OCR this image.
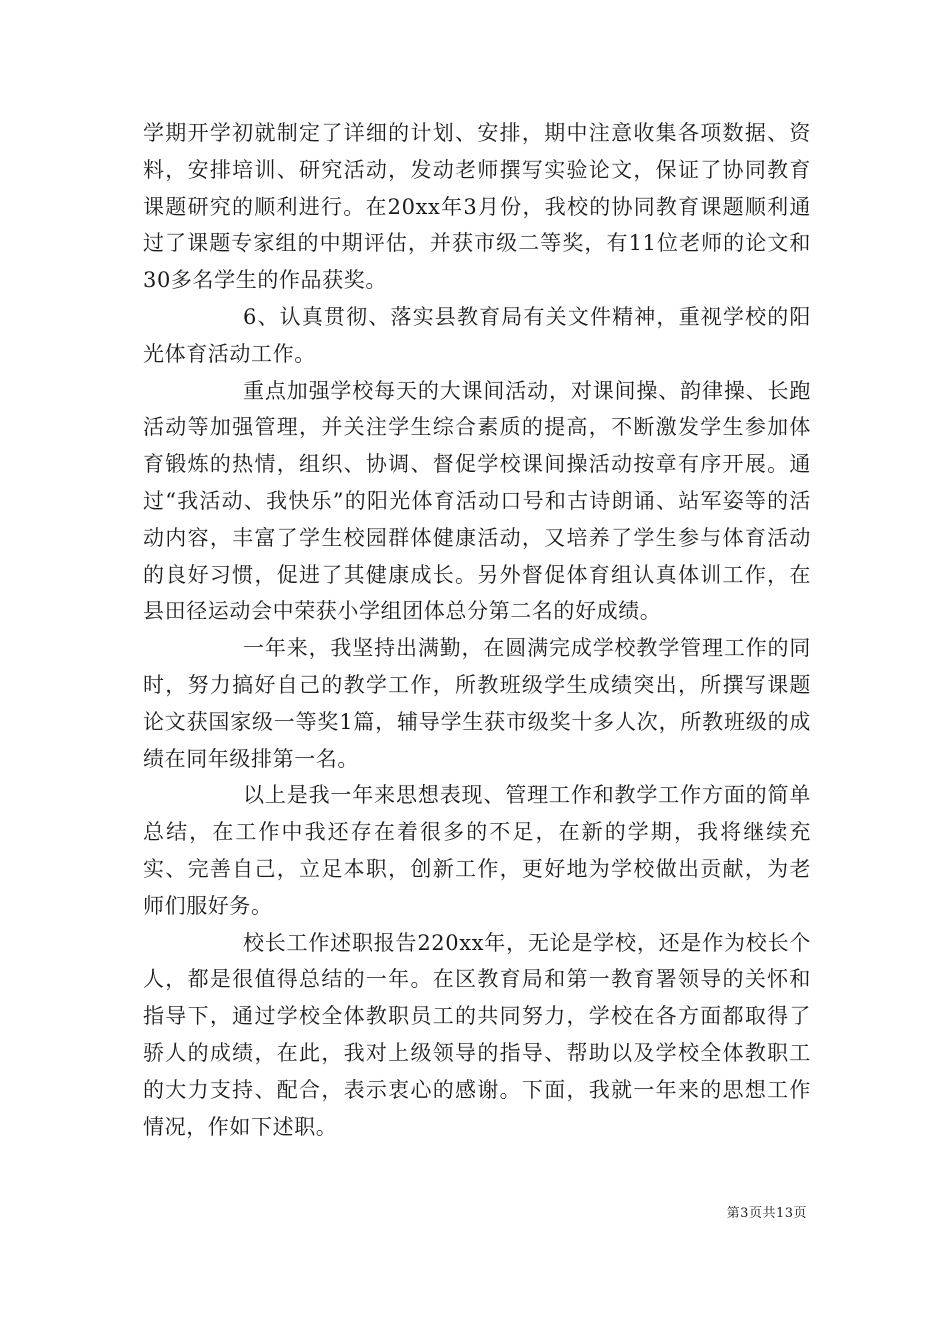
学期开学初就制定了详细的计划、安排，期中注意收集各项数据、资料，安排培训、研究活动，发动老师撰写实验论文，保证了协同教育课题研究的顺利进行。在20xx年3月份，我校的协同教育课题顺利通过了课题专家组的中期评估，并获市级二等奖，有11位老师的论文和30多名学生的作品获奖。

6、认真贯彻、落实县教育局有关文件精神，重视学校的阳光体育活动工作。

重点加强学校每天的大课间活动，对课间操、韵律操、长跑活动等加强管理，并关注学生综合素质的提高，不断激发学生参加体育锻炼的热情，组织、协调、督促学校课间操活动按章有序开展。通过“我活动、我快乐”的阳光体育活动口号和古诗朗诵、站军姿等的活动内容，丰富了学生校园群体健康活动，又培养了学生参与体育活动的良好习惯，促进了其健康成长。另外督促体育组认真体训工作，在县田径运动会中荣获小学组团体总分第二名的好成绩。

一年来，我坚持出满勤，在圆满完成学校教学管理工作的同时，努力搞好自己的教学工作，所教班级学生成绩突出，所撰写课题论文获国家级一等奖1篇，辅导学生获市级奖十多人次，所教班级的成绩在同年级排第一名。

以上是我一年来思想表现、管理工作和教学工作方面的简单总结，在工作中我还存在着很多的不足，在新的学期，我将继续充实、完善自己，立足本职，创新工作，更好地为学校做出贡献，为老师们服好务。

校长工作述职报告220xx年，无论是学校，还是作为校长个人，都是很值得总结的一年。在区教育局和第一教育署领导的关怀和指导下，通过学校全体教职员工的共同努力，学校在各方面都取得了骄人的成绩，在此，我对上级领导的指导、帮助以及学校全体教职工的大力支持、配合，表示衷心的感谢。下面，我就一年来的思想工作情况，作如下述职。

第3页共13页
